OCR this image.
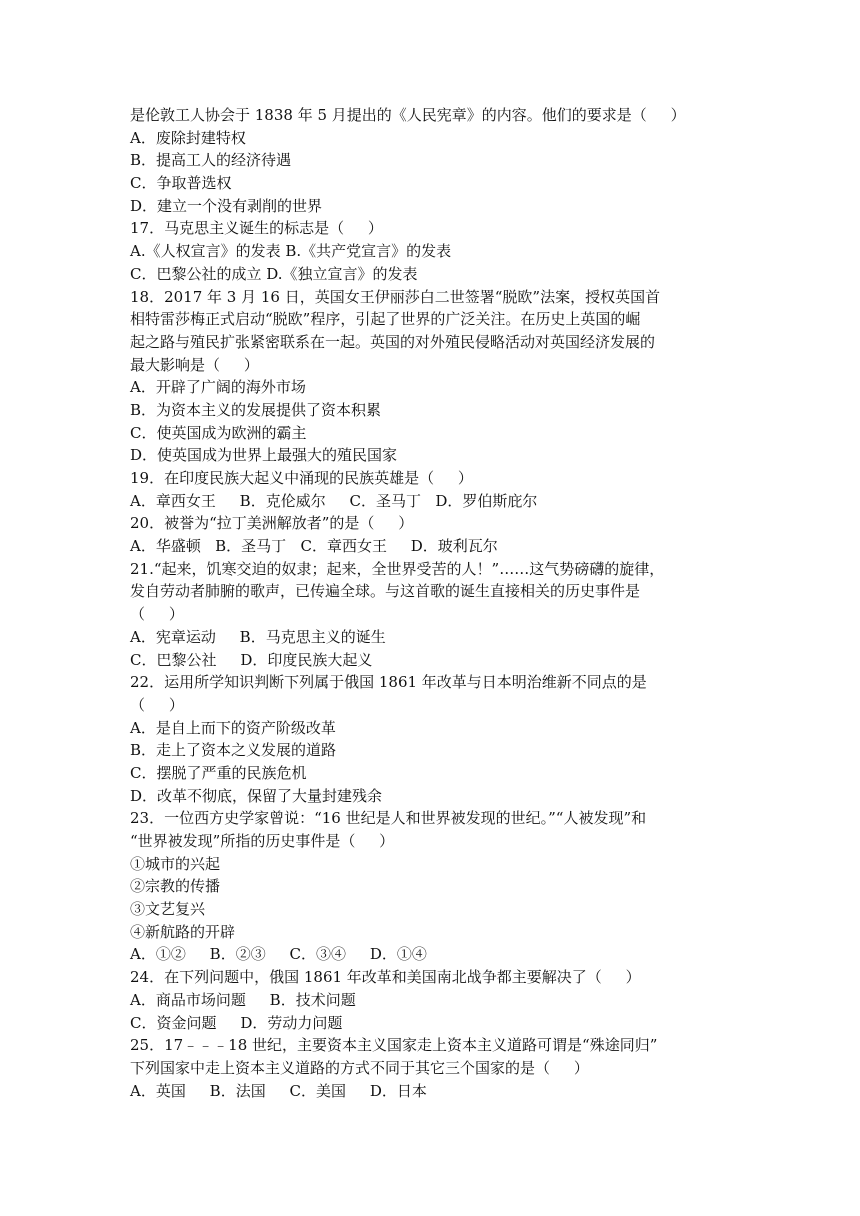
是伦敦工人协会于 1838 年 5 月提出的《人民宪章》的内容。他们的要求是（     ）
A．废除封建特权
B．提高工人的经济待遇
C．争取普选权
D．建立一个没有剥削的世界
17．马克思主义诞生的标志是（     ）
A.《人权宣言》的发表 B.《共产党宣言》的发表
C．巴黎公社的成立 D.《独立宣言》的发表
18．2017 年 3 月 16 日，英国女王伊丽莎白二世签署“脱欧”法案，授权英国首
相特雷莎梅正式启动“脱欧”程序，引起了世界的广泛关注。在历史上英国的崛
起之路与殖民扩张紧密联系在一起。英国的对外殖民侵略活动对英国经济发展的
最大影响是（     ）
A．开辟了广阔的海外市场
B．为资本主义的发展提供了资本积累
C．使英国成为欧洲的霸主
D．使英国成为世界上最强大的殖民国家
19．在印度民族大起义中涌现的民族英雄是（     ）
A．章西女王     B．克伦威尔     C．圣马丁   D．罗伯斯庇尔
20．被誉为“拉丁美洲解放者”的是（     ）
A．华盛顿   B．圣马丁   C．章西女王     D．玻利瓦尔
21.“起来，饥寒交迫的奴隶；起来，全世界受苦的人！”……这气势磅礴的旋律，
发自劳动者肺腑的歌声，已传遍全球。与这首歌的诞生直接相关的历史事件是
（     ）
A．宪章运动     B．马克思主义的诞生
C．巴黎公社     D．印度民族大起义
22．运用所学知识判断下列属于俄国 1861 年改革与日本明治维新不同点的是
（     ）
A．是自上而下的资产阶级改革
B．走上了资本之义发展的道路
C．摆脱了严重的民族危机
D．改革不彻底，保留了大量封建残余
23．一位西方史学家曾说：“16 世纪是人和世界被发现的世纪。”“人被发现”和
“世界被发现”所指的历史事件是（     ）
①城市的兴起
②宗教的传播
③文艺复兴
④新航路的开辟
A．①②     B．②③     C．③④     D．①④
24．在下列问题中，俄国 1861 年改革和美国南北战争都主要解决了（     ）
A．商品市场问题     B．技术问题
C．资金问题     D．劳动力问题
25．17﹣﹣﹣18 世纪，主要资本主义国家走上资本主义道路可谓是“殊途同归”
下列国家中走上资本主义道路的方式不同于其它三个国家的是（     ）
A．英国     B．法国     C．美国     D．日本
